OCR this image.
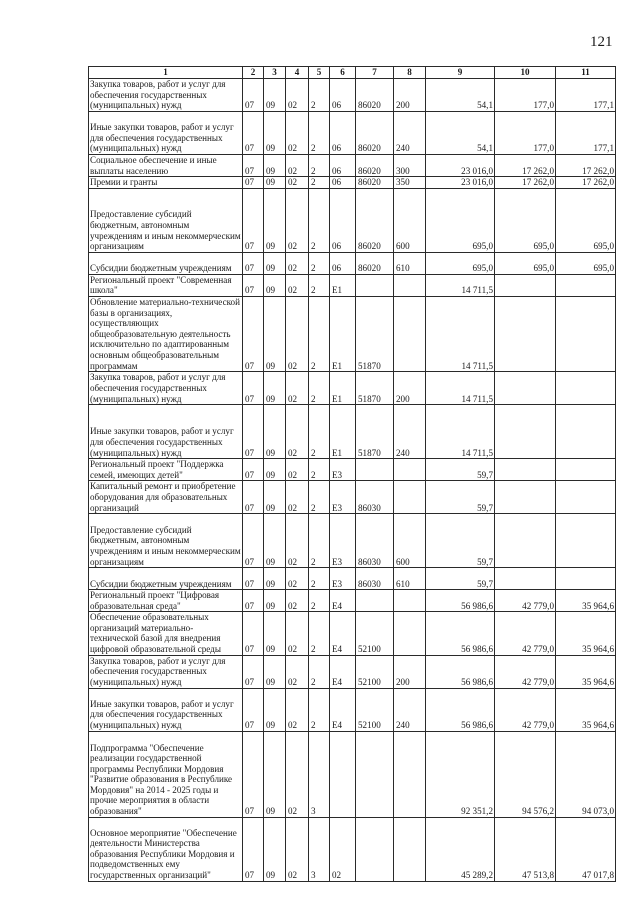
121
1	2	3	4	5	6	7	8	9	10	11
Закупка товаров, работ и услуг для обеспечения государственных (муниципальных) нужд	07	09	02	2	06	86020	200	54,1	177,0	177,1
Иные закупки товаров, работ и услуг для обеспечения государственных (муниципальных) нужд	07	09	02	2	06	86020	240	54,1	177,0	177,1
Социальное обеспечение и иные выплаты населению	07	09	02	2	06	86020	300	23 016,0	17 262,0	17 262,0
Премии и гранты	07	09	02	2	06	86020	350	23 016,0	17 262,0	17 262,0
Предоставление субсидий бюджетным, автономным учреждениям и иным некоммерческим организациям	07	09	02	2	06	86020	600	695,0	695,0	695,0
Субсидии бюджетным учреждениям	07	09	02	2	06	86020	610	695,0	695,0	695,0
Региональный проект "Современная школа"	07	09	02	2	E1			14 711,5		
Обновление материально-технической базы в организациях, осуществляющих общеобразовательную деятельность исключительно по адаптированным основным общеобразовательным программам	07	09	02	2	E1	51870		14 711,5		
Закупка товаров, работ и услуг для обеспечения государственных (муниципальных) нужд	07	09	02	2	E1	51870	200	14 711,5		
Иные закупки товаров, работ и услуг для обеспечения государственных (муниципальных) нужд	07	09	02	2	E1	51870	240	14 711,5		
Региональный проект "Поддержка семей, имеющих детей"	07	09	02	2	E3			59,7		
Капитальный ремонт и приобретение оборудования для образовательных организаций	07	09	02	2	E3	86030		59,7		
Предоставление субсидий бюджетным, автономным учреждениям и иным некоммерческим организациям	07	09	02	2	E3	86030	600	59,7		
Субсидии бюджетным учреждениям	07	09	02	2	E3	86030	610	59,7		
Региональный проект "Цифровая образовательная среда"	07	09	02	2	E4			56 986,6	42 779,0	35 964,6
Обеспечение образовательных организаций материально-технической базой для внедрения цифровой образовательной среды	07	09	02	2	E4	52100		56 986,6	42 779,0	35 964,6
Закупка товаров, работ и услуг для обеспечения государственных (муниципальных) нужд	07	09	02	2	E4	52100	200	56 986,6	42 779,0	35 964,6
Иные закупки товаров, работ и услуг для обеспечения государственных (муниципальных) нужд	07	09	02	2	E4	52100	240	56 986,6	42 779,0	35 964,6
Подпрограмма "Обеспечение реализации государственной программы Республики Мордовия "Развитие образования в Республике Мордовия" на 2014 - 2025 годы и прочие мероприятия в области образования"	07	09	02	3				92 351,2	94 576,2	94 073,0
Основное мероприятие "Обеспечение деятельности Министерства образования Республики Мордовия и подведомственных ему государственных организаций"	07	09	02	3	02			45 289,2	47 513,8	47 017,8
